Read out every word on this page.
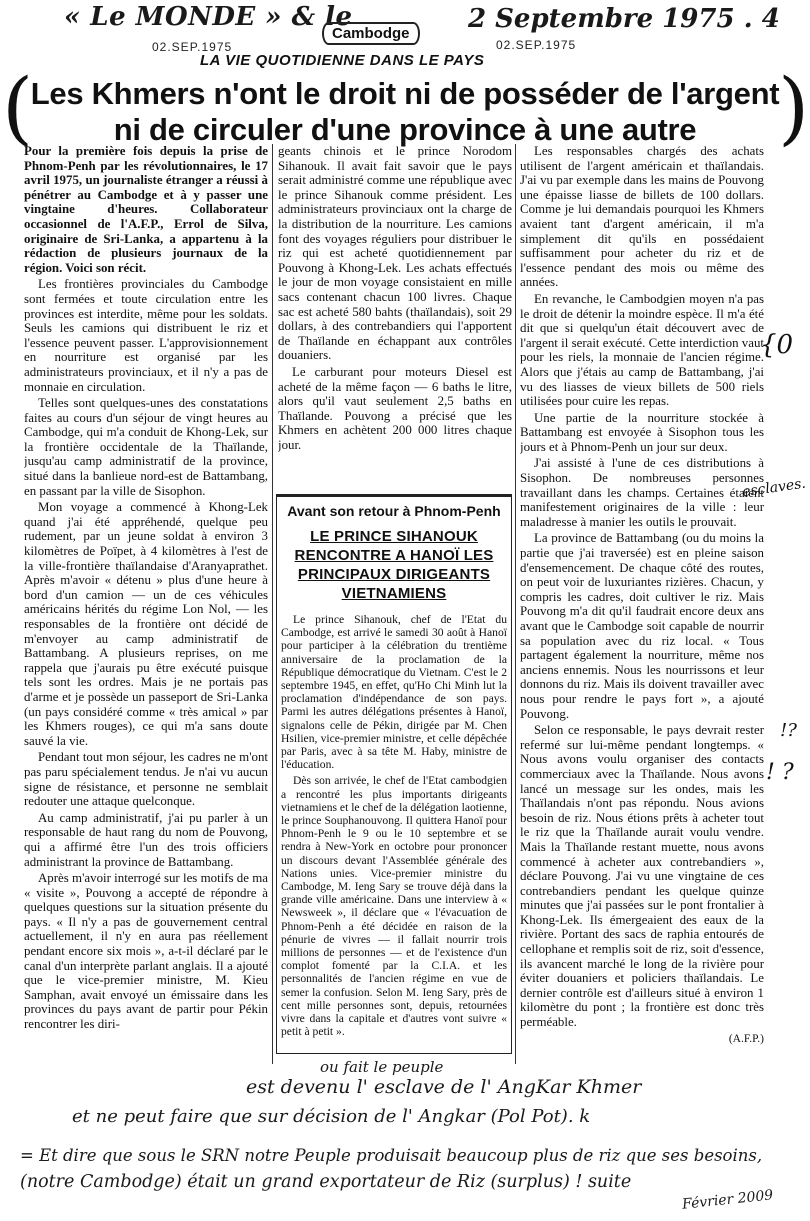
« Le MONDE » & le	2 Septembre 1975 . 4
Cambodge
02.SEP.1975	02.SEP.1975
LA VIE QUOTIDIENNE DANS LE PAYS
(	)
Les Khmers n'ont le droit ni de posséder de l'argent
ni de circuler d'une province à une autre

Pour la première fois depuis la prise de Phnom-Penh par les révolutionnaires, le 17 avril 1975, un journaliste étranger a réussi à pénétrer au Cambodge et à y passer une vingtaine d'heures. Collaborateur occasionnel de l'A.F.P., Errol de Silva, originaire de Sri-Lanka, a appartenu à la rédaction de plusieurs journaux de la région. Voici son récit.

Les frontières provinciales du Cambodge sont fermées et toute circulation entre les provinces est interdite, même pour les soldats. Seuls les camions qui distribuent le riz et l'essence peuvent passer. L'approvisionnement en nourriture est organisé par les administrateurs provinciaux, et il n'y a pas de monnaie en circulation.

Telles sont quelques-unes des constatations faites au cours d'un séjour de vingt heures au Cambodge, qui m'a conduit de Khong-Lek, sur la frontière occidentale de la Thaïlande, jusqu'au camp administratif de la province, situé dans la banlieue nord-est de Battambang, en passant par la ville de Sisophon.

Mon voyage a commencé à Khong-Lek quand j'ai été appréhendé, quelque peu rudement, par un jeune soldat à environ 3 kilomètres de Poïpet, à 4 kilomètres à l'est de la ville-frontière thaïlandaise d'Aranyaprathet. Après m'avoir « détenu » plus d'une heure à bord d'un camion — un de ces véhicules américains hérités du régime Lon Nol, — les responsables de la frontière ont décidé de m'envoyer au camp administratif de Battambang. A plusieurs reprises, on me rappela que j'aurais pu être exécuté puisque tels sont les ordres. Mais je ne portais pas d'arme et je possède un passeport de Sri-Lanka (un pays considéré comme « très amical » par les Khmers rouges), ce qui m'a sans doute sauvé la vie.

Pendant tout mon séjour, les cadres ne m'ont pas paru spécialement tendus. Je n'ai vu aucun signe de résistance, et personne ne semblait redouter une attaque quelconque.

Au camp administratif, j'ai pu parler à un responsable de haut rang du nom de Pouvong, qui a affirmé être l'un des trois officiers administrant la province de Battambang.

Après m'avoir interrogé sur les motifs de ma « visite », Pouvong a accepté de répondre à quelques questions sur la situation présente du pays. « Il n'y a pas de gouvernement central actuellement, il n'y en aura pas réellement pendant encore six mois », a-t-il déclaré par le canal d'un interprète parlant anglais. Il a ajouté que le vice-premier ministre, M. Kieu Samphan, avait envoyé un émissaire dans les provinces du pays avant de partir pour Pékin rencontrer les diri-

geants chinois et le prince Norodom Sihanouk. Il avait fait savoir que le pays serait administré comme une république avec le prince Sihanouk comme président. Les administrateurs provinciaux ont la charge de la distribution de la nourriture. Les camions font des voyages réguliers pour distribuer le riz qui est acheté quotidiennement par Pouvong à Khong-Lek. Les achats effectués le jour de mon voyage consistaient en mille sacs contenant chacun 100 livres. Chaque sac est acheté 580 bahts (thaïlandais), soit 29 dollars, à des contrebandiers qui l'apportent de Thaïlande en échappant aux contrôles douaniers.

Le carburant pour moteurs Diesel est acheté de la même façon — 6 baths le litre, alors qu'il vaut seulement 2,5 baths en Thaïlande. Pouvong a précisé que les Khmers en achètent 200 000 litres chaque jour.

Avant son retour à Phnom-Penh
LE PRINCE SIHANOUK RENCONTRE A HANOÏ LES PRINCIPAUX DIRIGEANTS VIETNAMIENS

Le prince Sihanouk, chef de l'Etat du Cambodge, est arrivé le samedi 30 août à Hanoï pour participer à la célébration du trentième anniversaire de la proclamation de la République démocratique du Vietnam. C'est le 2 septembre 1945, en effet, qu'Ho Chi Minh lut la proclamation d'indépendance de son pays. Parmi les autres délégations présentes à Hanoï, signalons celle de Pékin, dirigée par M. Chen Hsilien, vice-premier ministre, et celle dépêchée par Paris, avec à sa tête M. Haby, ministre de l'éducation.

Dès son arrivée, le chef de l'Etat cambodgien a rencontré les plus importants dirigeants vietnamiens et le chef de la délégation laotienne, le prince Souphanouvong. Il quittera Hanoï pour Phnom-Penh le 9 ou le 10 septembre et se rendra à New-York en octobre pour prononcer un discours devant l'Assemblée générale des Nations unies. Vice-premier ministre du Cambodge, M. Ieng Sary se trouve déjà dans la grande ville américaine. Dans une interview à « Newsweek », il déclare que « l'évacuation de Phnom-Penh a été décidée en raison de la pénurie de vivres — il fallait nourrir trois millions de personnes — et de l'existence d'un complot fomenté par la C.I.A. et les personnalités de l'ancien régime en vue de semer la confusion. Selon M. Ieng Sary, près de cent mille personnes sont, depuis, retournées vivre dans la capitale et d'autres vont suivre « petit à petit ».

Les responsables chargés des achats utilisent de l'argent américain et thaïlandais. J'ai vu par exemple dans les mains de Pouvong une épaisse liasse de billets de 100 dollars. Comme je lui demandais pourquoi les Khmers avaient tant d'argent américain, il m'a simplement dit qu'ils en possédaient suffisamment pour acheter du riz et de l'essence pendant des mois ou même des années.

En revanche, le Cambodgien moyen n'a pas le droit de détenir la moindre espèce. Il m'a été dit que si quelqu'un était découvert avec de l'argent il serait exécuté. Cette interdiction vaut pour les riels, la monnaie de l'ancien régime. Alors que j'étais au camp de Battambang, j'ai vu des liasses de vieux billets de 500 riels utilisées pour cuire les repas.

Une partie de la nourriture stockée à Battambang est envoyée à Sisophon tous les jours et à Phnom-Penh un jour sur deux.

J'ai assisté à l'une de ces distributions à Sisophon. De nombreuses personnes travaillant dans les champs. Certaines étaient manifestement originaires de la ville : leur maladresse à manier les outils le prouvait.

La province de Battambang (ou du moins la partie que j'ai traversée) est en pleine saison d'ensemencement. De chaque côté des routes, on peut voir de luxuriantes rizières. Chacun, y compris les cadres, doit cultiver le riz. Mais Pouvong m'a dit qu'il faudrait encore deux ans avant que le Cambodge soit capable de nourrir sa population avec du riz local. « Tous partagent également la nourriture, même nos anciens ennemis. Nous les nourrissons et leur donnons du riz. Mais ils doivent travailler avec nous pour rendre le pays fort », a ajouté Pouvong.

Selon ce responsable, le pays devrait rester refermé sur lui-même pendant longtemps. « Nous avons voulu organiser des contacts commerciaux avec la Thaïlande. Nous avons lancé un message sur les ondes, mais les Thaïlandais n'ont pas répondu. Nous avions besoin de riz. Nous étions prêts à acheter tout le riz que la Thaïlande aurait voulu vendre. Mais la Thaïlande restant muette, nous avons commencé à acheter aux contrebandiers », déclare Pouvong. J'ai vu une vingtaine de ces contrebandiers pendant les quelque quinze minutes que j'ai passées sur le pont frontalier à Khong-Lek. Ils émergeaient des eaux de la rivière. Portant des sacs de raphia entourés de cellophane et remplis soit de riz, soit d'essence, ils avancent marché le long de la rivière pour éviter douaniers et policiers thaïlandais. Le dernier contrôle est d'ailleurs situé à environ 1 kilomètre du pont ; la frontière est donc très perméable.

(A.F.P.)

{0
esclaves.
! ?
!?
ou fait le peuple
est devenu l' esclave de l' AngKar Khmer
et ne peut faire que sur décision de l' Angkar (Pol Pot). k
= Et dire que sous le SRN notre Peuple produisait beaucoup plus de riz que ses besoins,
(notre Cambodge) était un grand exportateur de Riz (surplus) ! suite
Février 2009
